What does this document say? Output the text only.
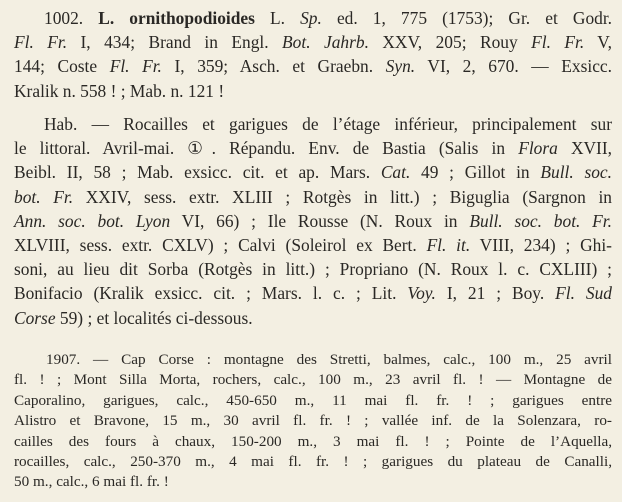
1002. L. ornithopodioides L. Sp. ed. 1, 775 (1753); Gr. et Godr.
Fl. Fr. I, 434; Brand in Engl. Bot. Jahrb. XXV, 205; Rouy Fl. Fr. V,
144; Coste Fl. Fr. I, 359; Asch. et Graebn. Syn. VI, 2, 670. — Exsicc.
Kralik n. 558 ! ; Mab. n. 121 !
Hab. — Rocailles et garigues de l’étage inférieur, principalement sur
le littoral. Avril-mai. ①. Répandu. Env. de Bastia (Salis in Flora XVII,
Beibl. II, 58 ; Mab. exsicc. cit. et ap. Mars. Cat. 49 ; Gillot in Bull. soc.
bot. Fr. XXIV, sess. extr. XLIII ; Rotgès in litt.) ; Biguglia (Sargnon in
Ann. soc. bot. Lyon VI, 66) ; Ile Rousse (N. Roux in Bull. soc. bot. Fr.
XLVIII, sess. extr. CXLV) ; Calvi (Soleirol ex Bert. Fl. it. VIII, 234) ; Ghi-
soni, au lieu dit Sorba (Rotgès in litt.) ; Propriano (N. Roux l. c. CXLIII) ;
Bonifacio (Kralik exsicc. cit. ; Mars. l. c. ; Lit. Voy. I, 21 ; Boy. Fl. Sud
Corse 59) ; et localités ci-dessous.
1907. — Cap Corse : montagne des Stretti, balmes, calc., 100 m., 25 avril
fl. ! ; Mont Silla Morta, rochers, calc., 100 m., 23 avril fl. ! — Montagne de
Caporalino, garigues, calc., 450-650 m., 11 mai fl. fr. ! ; garigues entre
Alistro et Bravone, 15 m., 30 avril fl. fr. ! ; vallée inf. de la Solenzara, ro-
cailles des fours à chaux, 150-200 m., 3 mai fl. ! ; Pointe de l’Aquella,
rocailles, calc., 250-370 m., 4 mai fl. fr. ! ; garigues du plateau de Canalli,
50 m., calc., 6 mai fl. fr. !
